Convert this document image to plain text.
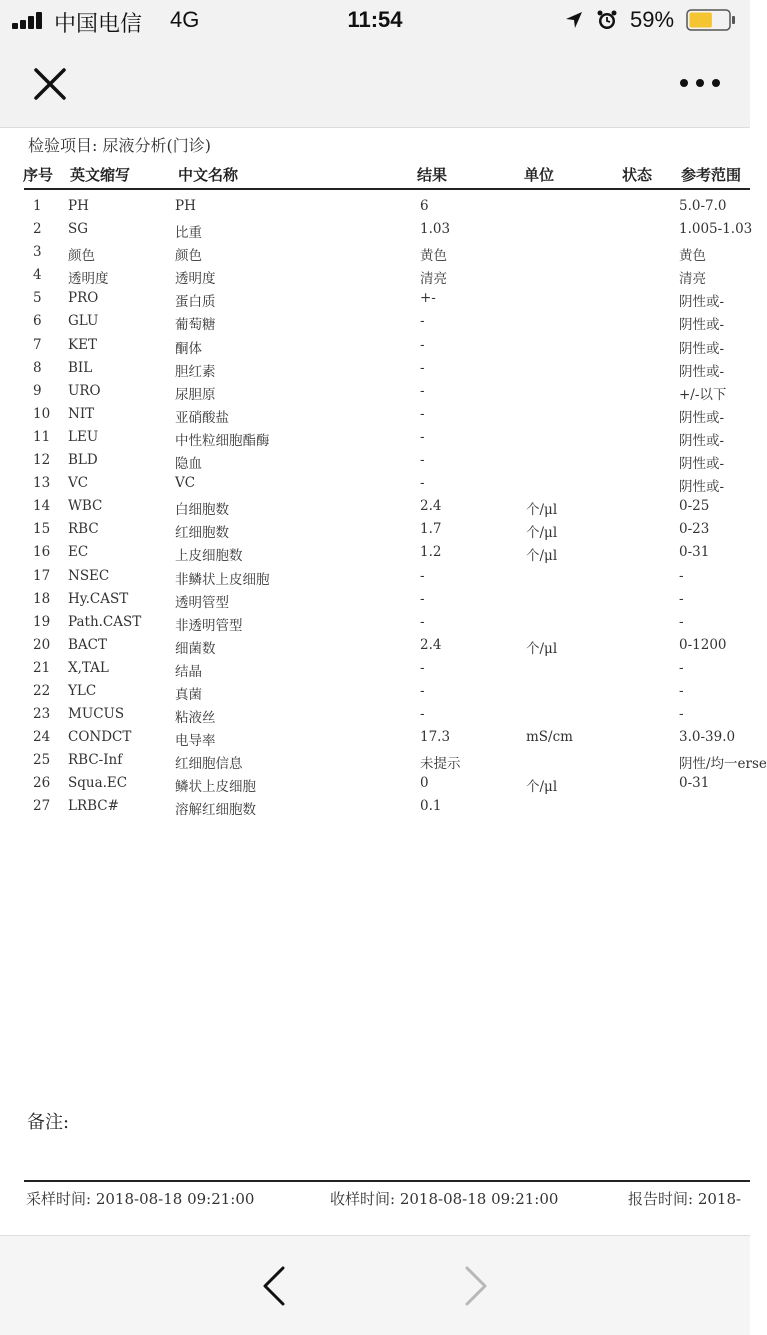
中国电信 4G	11:54	59%
检验项目: 尿液分析(门诊)
序号 英文缩写	中文名称	结果	单位	状态 参考范围
1 PH	PH	6	5.0-7.0
2 SG	比重	1.03	1.005-1.03
3 颜色	颜色	黄色	黄色
4 透明度	透明度	清亮	清亮
5 PRO	蛋白质	+-	阴性或-
6 GLU	葡萄糖	-	阴性或-
7 KET	酮体	-	阴性或-
8 BIL	胆红素	-	阴性或-
9 URO	尿胆原	-	+/-以下
10 NIT	亚硝酸盐	-	阴性或-
11 LEU	中性粒细胞酯酶	-	阴性或-
12 BLD	隐血	-	阴性或-
13 VC	VC	-	阴性或-
14 WBC	白细胞数	2.4	个/μl	0-25
15 RBC	红细胞数	1.7	个/μl	0-23
16 EC	上皮细胞数	1.2	个/μl	0-31
17 NSEC	非鳞状上皮细胞	-	-
18 Hy.CAST	透明管型	-	-
19 Path.CAST 非透明管型	-	-
20 BACT	细菌数	2.4	个/μl	0-1200
21 X,TAL	结晶	-	-
22 YLC	真菌	-	-
23 MUCUS	粘液丝	-	-
24 CONDCT	电导率	17.3	mS/cm	3.0-39.0
25 RBC-Inf	红细胞信息	未提示	阴性/均一erse
26 Squa.EC	鳞状上皮细胞	0	个/μl	0-31
27 LRBC#	溶解红细胞数	0.1
备注:
采样时间: 2018-08-18 09:21:00	收样时间: 2018-08-18 09:21:00	报告时间: 2018-
